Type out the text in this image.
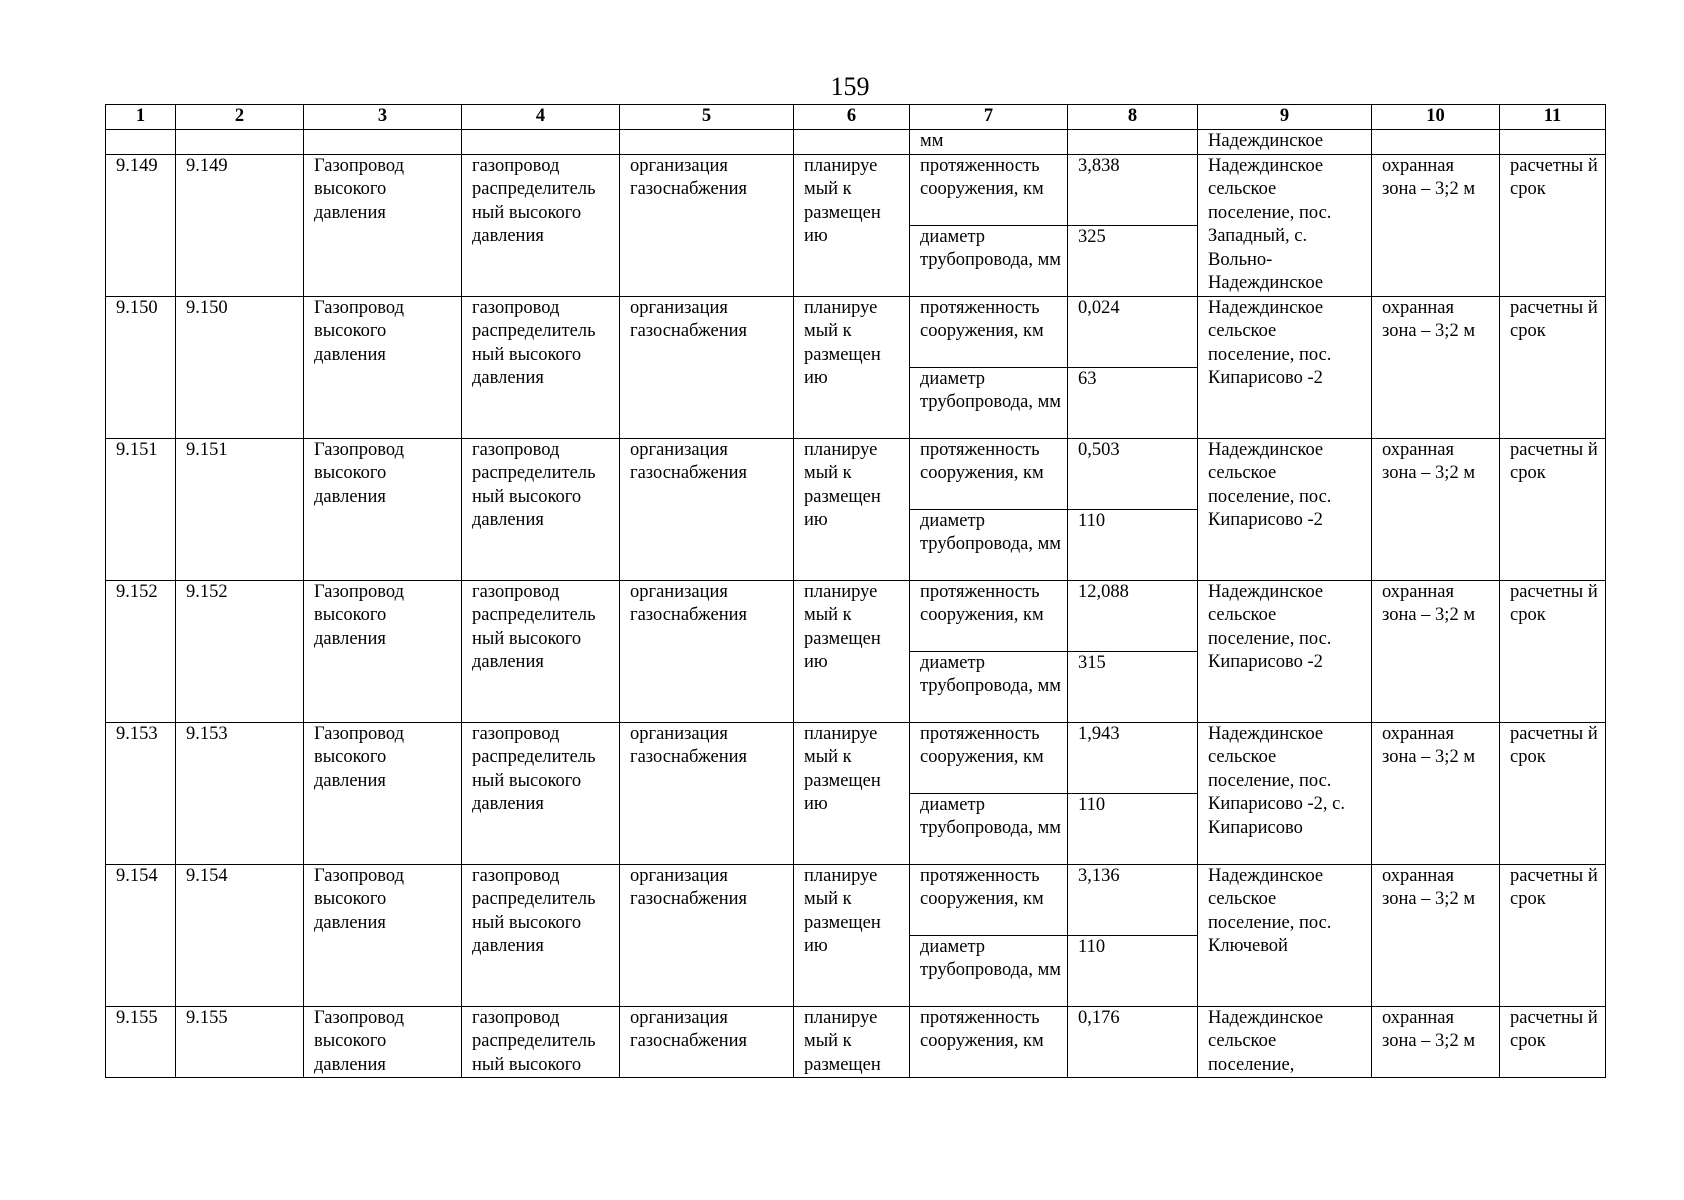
159
1	2	3	4	5	6	7	8	9	10	11
						мм		Надеждинское		
9.149	9.149	Газопровод высокого давления	газопровод распределитель ный высокого давления	организация газоснабжения	планируе мый к размещен ию	протяженность сооружения, км	3,838	Надеждинское сельское поселение, пос. Западный, с. Вольно-Надеждинское	охранная зона – 3;2 м	расчетны й срок
						диаметр трубопровода, мм	325			
9.150	9.150	Газопровод высокого давления	газопровод распределитель ный высокого давления	организация газоснабжения	планируе мый к размещен ию	протяженность сооружения, км	0,024	Надеждинское сельское поселение, пос. Кипарисово -2	охранная зона – 3;2 м	расчетны й срок
						диаметр трубопровода, мм	63			
9.151	9.151	Газопровод высокого давления	газопровод распределитель ный высокого давления	организация газоснабжения	планируе мый к размещен ию	протяженность сооружения, км	0,503	Надеждинское сельское поселение, пос. Кипарисово -2	охранная зона – 3;2 м	расчетны й срок
						диаметр трубопровода, мм	110			
9.152	9.152	Газопровод высокого давления	газопровод распределитель ный высокого давления	организация газоснабжения	планируе мый к размещен ию	протяженность сооружения, км	12,088	Надеждинское сельское поселение, пос. Кипарисово -2	охранная зона – 3;2 м	расчетны й срок
						диаметр трубопровода, мм	315			
9.153	9.153	Газопровод высокого давления	газопровод распределитель ный высокого давления	организация газоснабжения	планируе мый к размещен ию	протяженность сооружения, км	1,943	Надеждинское сельское поселение, пос. Кипарисово -2, с. Кипарисово	охранная зона – 3;2 м	расчетны й срок
						диаметр трубопровода, мм	110			
9.154	9.154	Газопровод высокого давления	газопровод распределитель ный высокого давления	организация газоснабжения	планируе мый к размещен ию	протяженность сооружения, км	3,136	Надеждинское сельское поселение, пос. Ключевой	охранная зона – 3;2 м	расчетны й срок
						диаметр трубопровода, мм	110			
9.155	9.155	Газопровод высокого давления	газопровод распределитель ный высокого	организация газоснабжения	планируе мый к размещен	протяженность сооружения, км	0,176	Надеждинское сельское поселение,	охранная зона – 3;2 м	расчетны й срок
